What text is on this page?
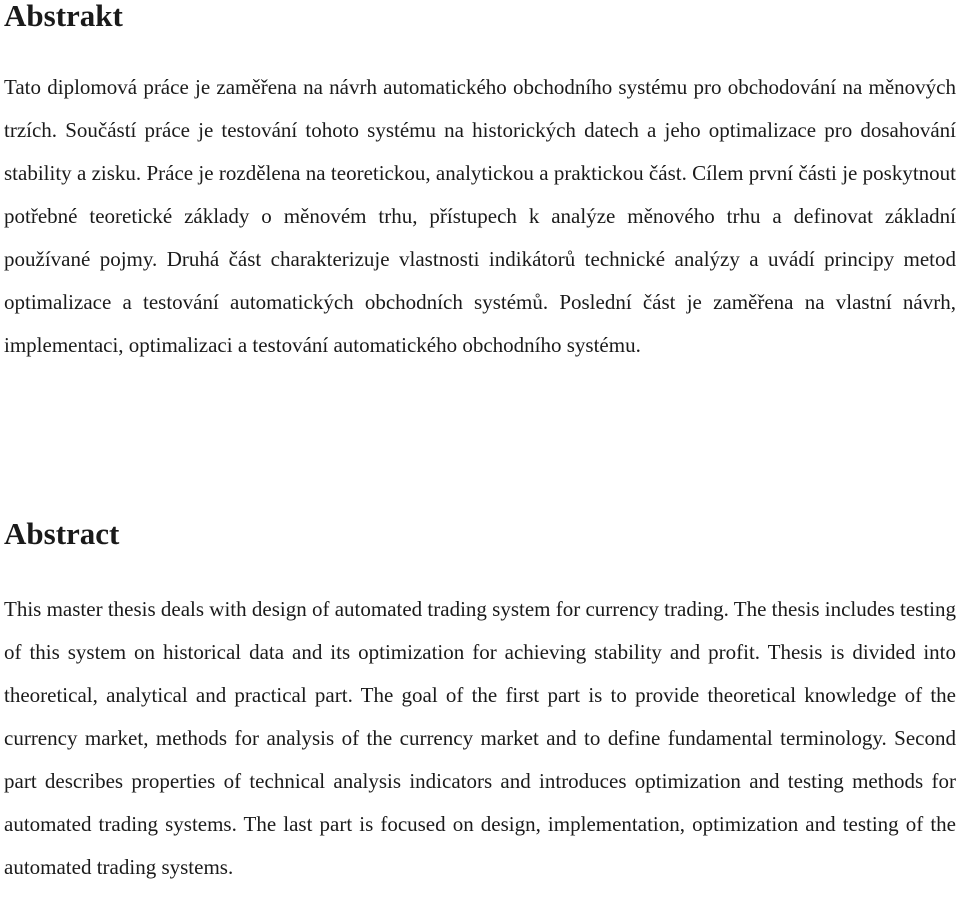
Abstrakt

Tato diplomová práce je zaměřena na návrh automatického obchodního systému pro obchodování na měnových trzích. Součástí práce je testování tohoto systému na historických datech a jeho optimalizace pro dosahování stability a zisku. Práce je rozdělena na teoretickou, analytickou a praktickou část. Cílem první části je poskytnout potřebné teoretické základy o měnovém trhu, přístupech k analýze měnového trhu a definovat základní používané pojmy. Druhá část charakterizuje vlastnosti indikátorů technické analýzy a uvádí principy metod optimalizace a testování automatických obchodních systémů. Poslední část je zaměřena na vlastní návrh, implementaci, optimalizaci a testování automatického obchodního systému.

Abstract

This master thesis deals with design of automated trading system for currency trading. The thesis includes testing of this system on historical data and its optimization for achieving stability and profit. Thesis is divided into theoretical, analytical and practical part. The goal of the first part is to provide theoretical knowledge of the currency market, methods for analysis of the currency market and to define fundamental terminology. Second part describes properties of technical analysis indicators and introduces optimization and testing methods for automated trading systems. The last part is focused on design, implementation, optimization and testing of the automated trading systems.
